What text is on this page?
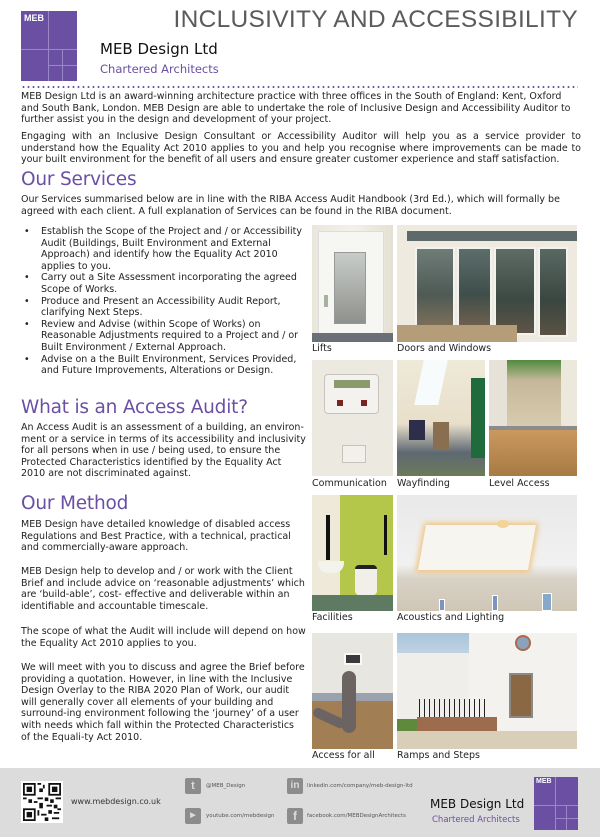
MEB	INCLUSIVITY AND ACCESSIBILITY
MEB Design Ltd
Chartered Architects

MEB Design Ltd is an award-winning architecture practice with three offices in the South of England: Kent, Oxford and South Bank, London. MEB Design are able to undertake the role of Inclusive Design and Accessibility Auditor to further assist you in the design and development of your project.

Engaging with an Inclusive Design Consultant or Accessibility Auditor will help you as a service provider to understand how the Equality Act 2010 applies to you and help you recognise where improvements can be made to your built environment for the benefit of all users and ensure greater customer experience and staff satisfaction.

Our Services

Our Services summarised below are in line with the RIBA Access Audit Handbook (3rd Ed.), which will formally be agreed with each client. A full explanation of Services can be found in the RIBA document.

• Establish the Scope of the Project and / or Accessibility Audit (Buildings, Built Environment and External Approach) and identify how the Equality Act 2010 applies to you.
• Carry out a Site Assessment incorporating the agreed Scope of Works.
• Produce and Present an Accessibility Audit Report, clarifying Next Steps.
• Review and Advise (within Scope of Works) on Reasonable Adjustments required to a Project and / or Built Environment / External Approach.
• Advise on a the Built Environment, Services Provided, and Future Improvements, Alterations or Design.
What is an Access Audit?

An Access Audit is an assessment of a building, an environ-ment or a service in terms of its accessibility and inclusivity for all persons when in use / being used, to ensure the Protected Characteristics identified by the Equality Act 2010 are not discriminated against.

Our Method

MEB Design have detailed knowledge of disabled access Regulations and Best Practice, with a technical, practical and commercially-aware approach.

MEB Design help to develop and / or work with the Client Brief and include advice on ‘reasonable adjustments’ which are ‘build-able’, cost- effective and deliverable within an identifiable and accountable timescale.

The scope of what the Audit will include will depend on how the Equality Act 2010 applies to you.

We will meet with you to discuss and agree the Brief before providing a quotation. However, in line with the Inclusive Design Overlay to the RIBA 2020 Plan of Work, our audit will generally cover all elements of your building and surround-ing environment following the ‘journey’ of a user with needs which fall within the Protected Characteristics of the Equali-ty Act 2010.

Lifts	Doors and Windows
Communication Wayfinding	Level Access
Facilities	Acoustics and Lighting
Access for all Ramps and Steps
www.mebdesign.co.uk
t	@MEB_Design	in	linkedin.com/company/meb-design-ltd
▶	youtube.com/mebdesign	f	facebook.com/MEBDesignArchitects
MEB Design Ltd
Chartered Architects
MEB
